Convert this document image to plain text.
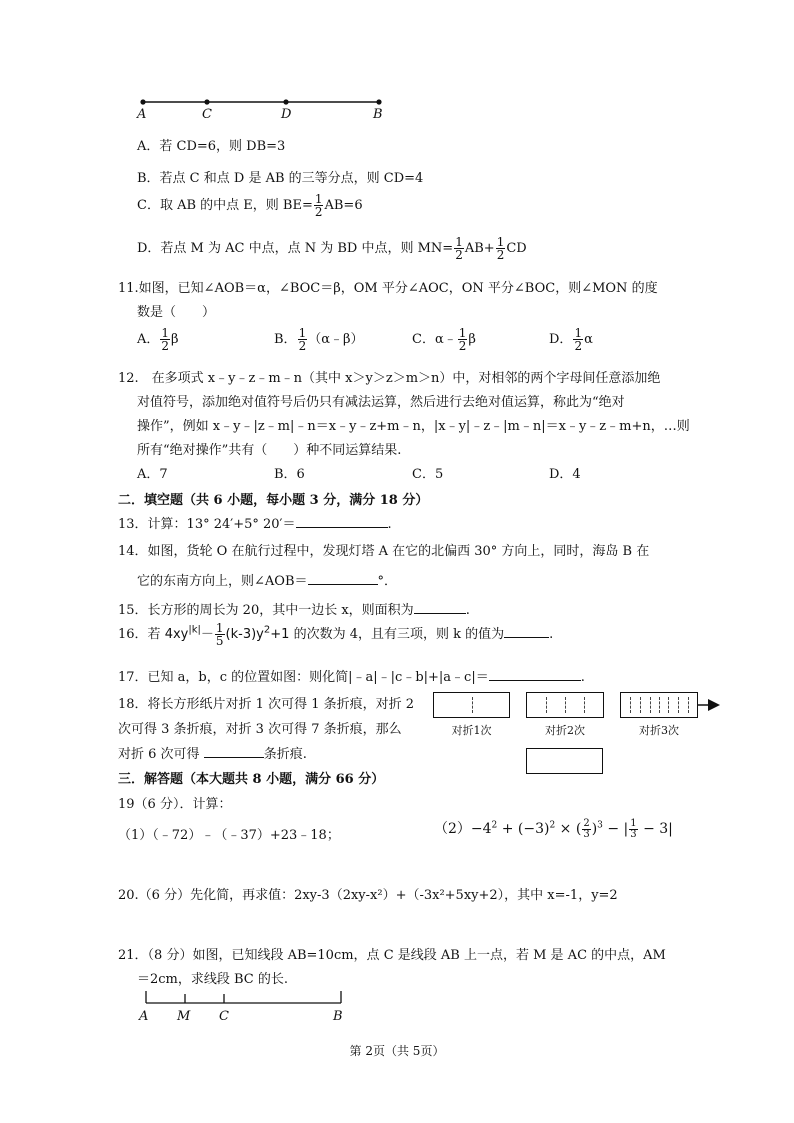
A	C	D	B
A．若 CD=6，则 DB=3
B．若点 C 和点 D 是 AB 的三等分点，则 CD=4
C．取 AB 的中点 E，则 $BE= \frac{1}{2} AB=6$
D．若点 M 为 AC 中点，点 N 为 BD 中点，则 $MN= \frac{1}{2} AB+ \frac{1}{2}$ CD
11.如图，已知∠AOB＝α，∠BOC＝β，OM 平分∠AOC，ON 平分∠BOC，则∠MON 的度
数是（　　）
A． $\frac{1}{2}$ β	B． $\frac{1}{2}$ （α﹣β）	C．α﹣ $\frac{1}{2}$ β	D． $\frac{1}{2}$ α
12.　在多项式 x﹣y﹣z﹣m﹣n（其中 x＞y＞z＞m＞n）中，对相邻的两个字母间任意添加绝
对值符号，添加绝对值符号后仍只有减法运算，然后进行去绝对值运算，称此为“绝对
操作”，例如 x﹣y﹣|z﹣m|﹣n＝x﹣y﹣z+m﹣n，|x﹣y|﹣z﹣|m﹣n|＝x﹣y﹣z﹣m+n，…则
所有“绝对操作”共有（　　）种不同运算结果.
A．7	B．6	C．5	D．4
二．填空题（共 6 小题，每小题 3 分，满分 18 分）
13．计算：13° 24′+5° 20′＝	.
14．如图，货轮 O 在航行过程中，发现灯塔 A 在它的北偏西 30° 方向上，同时，海岛 B 在
它的东南方向上，则∠AOB＝	°．
15．长方形的周长为 20，其中一边长 x，则面积为	.
16．若 $4xy^{|k|}- \frac{1}{5} (k-3)y^2+1$ 的次数为 4，且有三项，则 k 的值为	.
17．已知 a，b，c 的位置如图：则化简|﹣a|﹣|c﹣b|+|a﹣c|＝	.
18．将长方形纸片对折 1 次可得 1 条折痕，对折 2
次可得 3 条折痕，对折 3 次可得 7 条折痕，那么
对折 6 次可得	条折痕.
对折1次	对折2次	对折3次
三．解答题（本大题共 8 小题，满分 66 分）
19（6 分）．计算：
（1）（﹣72）﹣（﹣37）+23﹣18；	$(2)-4^2 + (-3)^2$ × ( $\frac{2}{3} )^3$ − | $\frac{1}{3} - 3|$
20.（6 分）先化简，再求值：2xy-3（2xy-x²）+（-3x²+5xy+2），其中 x=-1，y=2
21．（8 分）如图，已知线段 AB=10cm，点 C 是线段 AB 上一点，若 M 是 AC 的中点，AM
＝2cm，求线段 BC 的长.
A M C	B
第 2页（共 5页）
